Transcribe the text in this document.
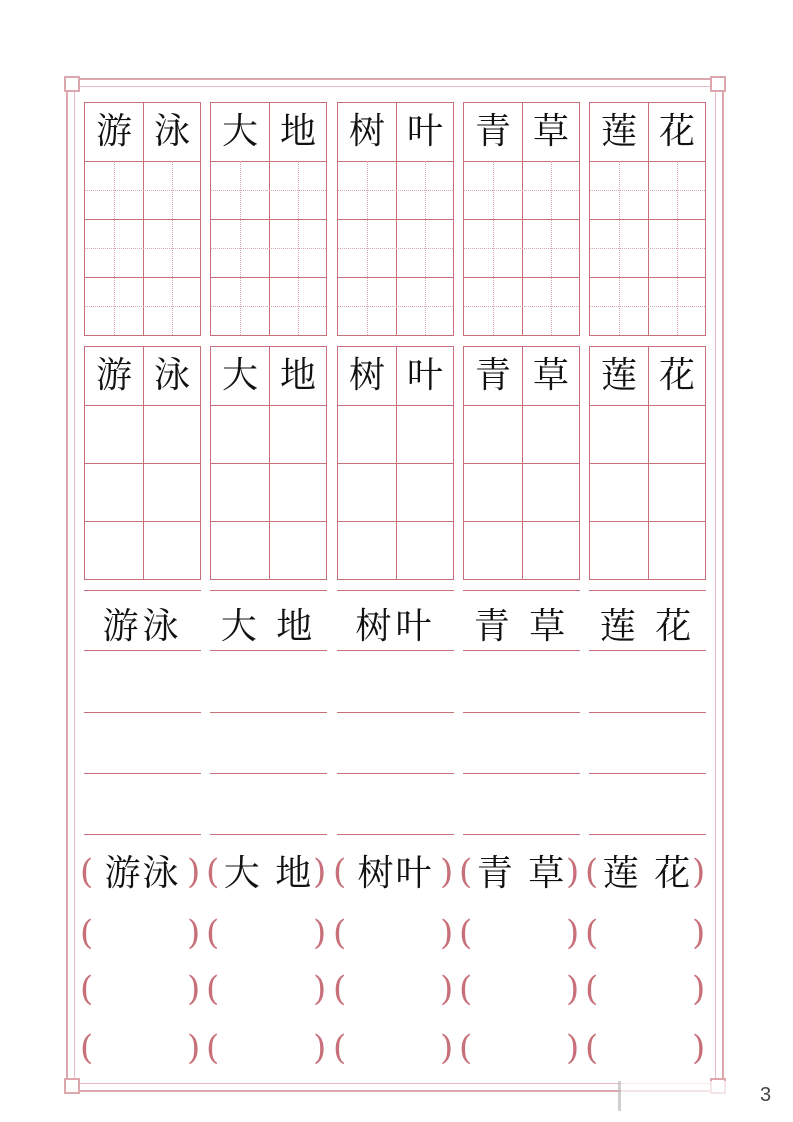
游 泳
游 泳
游泳
(	)
游泳
(	)
(	)
(	)
大 地
大 地
大 地
(	)
大 地
(	)
(	)
(	)
树 叶
树 叶
树叶
(	)
树叶
(	)
(	)
(	)
青 草
青 草
青 草
(	)
青 草
(	)
(	)
(	)
莲 花
莲 花
莲 花
(	)
莲 花
(	)
(	)
(	)
3
